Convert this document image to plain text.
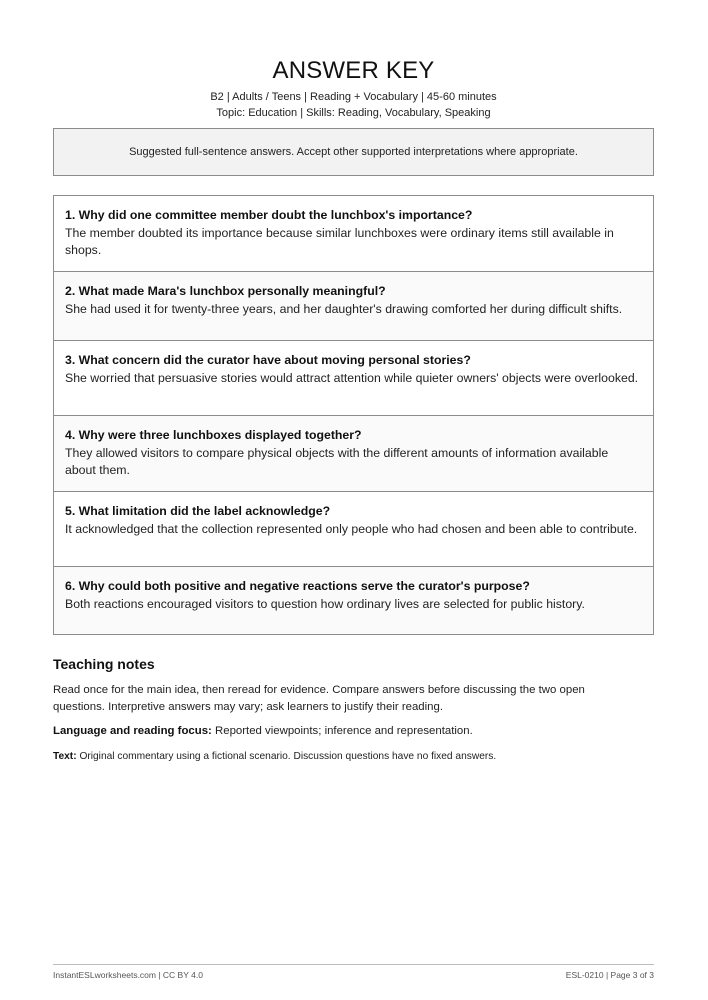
ANSWER KEY
B2 | Adults / Teens | Reading + Vocabulary | 45-60 minutes
Topic: Education | Skills: Reading, Vocabulary, Speaking
Suggested full-sentence answers. Accept other supported interpretations where appropriate.
1. Why did one committee member doubt the lunchbox's importance?
The member doubted its importance because similar lunchboxes were ordinary items still available in shops.
2. What made Mara's lunchbox personally meaningful?
She had used it for twenty-three years, and her daughter's drawing comforted her during difficult shifts.
3. What concern did the curator have about moving personal stories?
She worried that persuasive stories would attract attention while quieter owners' objects were overlooked.
4. Why were three lunchboxes displayed together?
They allowed visitors to compare physical objects with the different amounts of information available about them.
5. What limitation did the label acknowledge?
It acknowledged that the collection represented only people who had chosen and been able to contribute.
6. Why could both positive and negative reactions serve the curator's purpose?
Both reactions encouraged visitors to question how ordinary lives are selected for public history.
Teaching notes

Read once for the main idea, then reread for evidence. Compare answers before discussing the two open questions. Interpretive answers may vary; ask learners to justify their reading.

Language and reading focus: Reported viewpoints; inference and representation.

Text: Original commentary using a fictional scenario. Discussion questions have no fixed answers.

InstantESLworksheets.com | CC BY 4.0	ESL-0210 | Page 3 of 3
